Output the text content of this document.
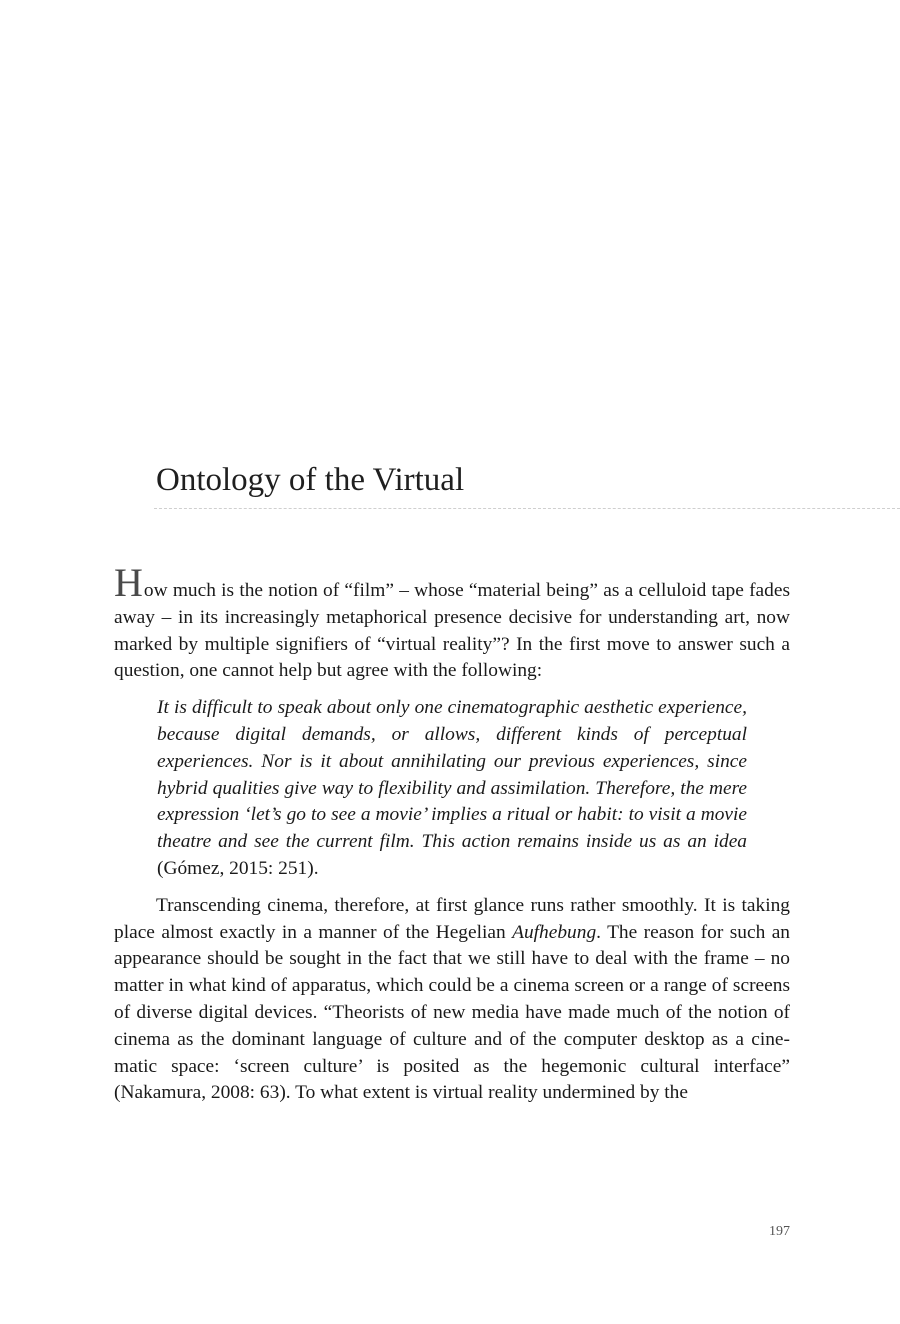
Ontology of the Virtual

How much is the notion of “film” – whose “material being” as a celluloid tape fades away – in its increasingly metaphorical presence decisive for understanding art, now marked by multiple signifiers of “virtual reality”? In the first move to answer such a question, one cannot help but agree with the following:

It is difficult to speak about only one cinematographic aesthetic experience, because digital demands, or allows, different kinds of perceptual experiences. Nor is it about annihilating our previous experiences, since hybrid qualities give way to flexibility and assimilation. Therefore, the mere expression ‘let’s go to see a movie’ implies a ritual or habit: to visit a movie theatre and see the current film. This action remains inside us as an idea (Gómez, 2015: 251).

Transcending cinema, therefore, at first glance runs rather smoothly. It is taking place almost exactly in a manner of the Hegelian Aufhebung. The reason for such an appearance should be sought in the fact that we still have to deal with the frame – no matter in what kind of apparatus, which could be a cinema screen or a range of screens of diverse digital devices. “Theorists of new media have made much of the notion of cinema as the dominant language of culture and of the computer desktop as a cinematic space: ‘screen culture’ is posited as the hegemonic cultural interface” (Nakamura, 2008: 63). To what extent is virtual reality undermined by the

197
